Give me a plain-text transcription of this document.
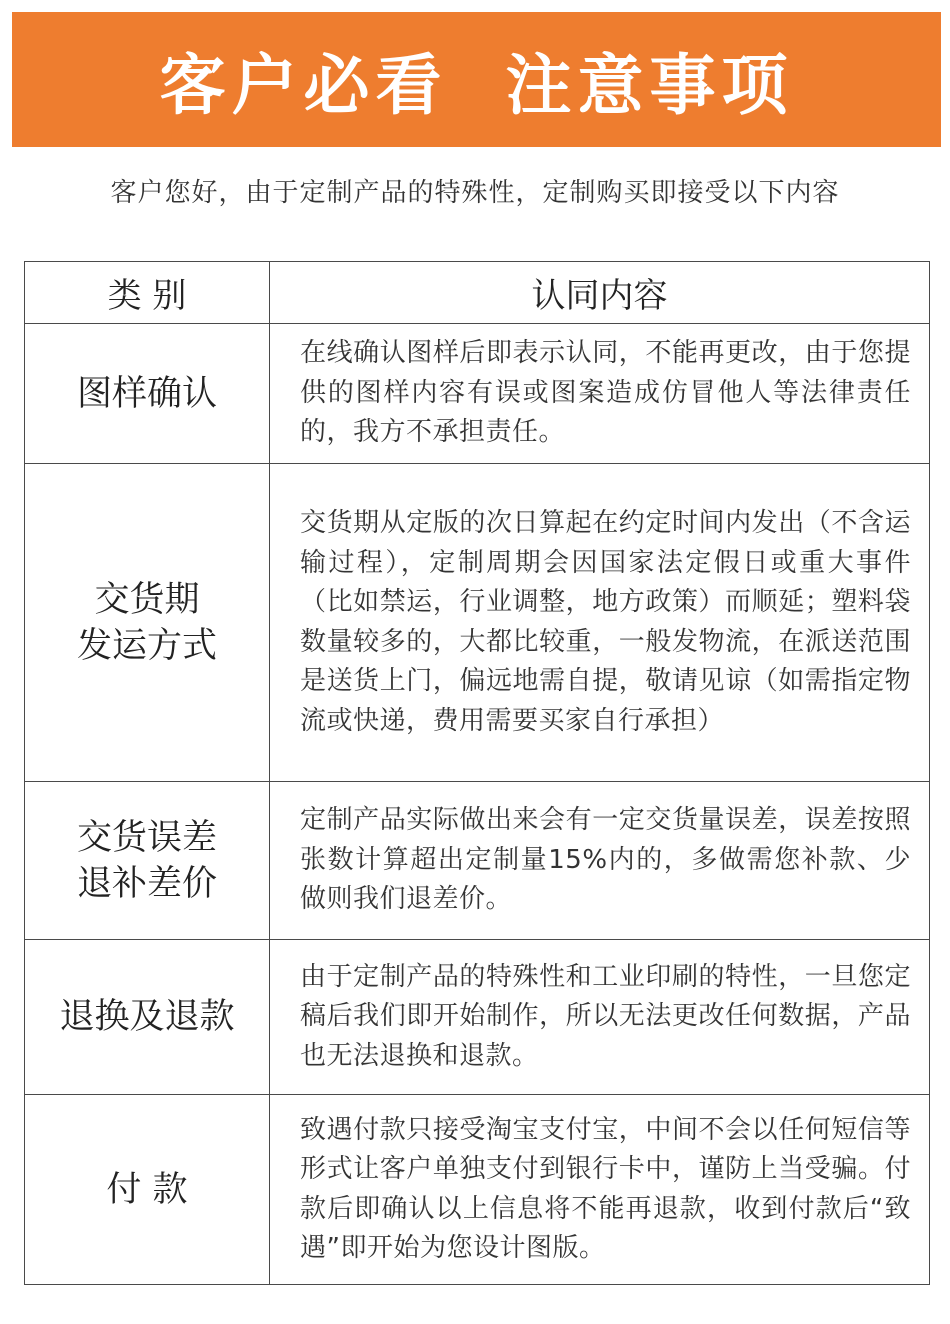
客户必看  注意事项
客户您好，由于定制产品的特殊性，定制购买即接受以下内容
类 别	认同内容

图样确认	在线确认图样后即表示认同，不能再更改，由于您提供的图样内容有误或图案造成仿冒他人等法律责任的，我方不承担责任。

交货期
发运方式	交货期从定版的次日算起在约定时间内发出（不含运输过程），定制周期会因国家法定假日或重大事件（比如禁运，行业调整，地方政策）而顺延；塑料袋数量较多的，大都比较重，一般发物流，在派送范围是送货上门，偏远地需自提，敬请见谅（如需指定物流或快递，费用需要买家自行承担）

交货误差
退补差价	定制产品实际做出来会有一定交货量误差，误差按照张数计算超出定制量15%内的，多做需您补款、少做则我们退差价。

退换及退款	由于定制产品的特殊性和工业印刷的特性，一旦您定稿后我们即开始制作，所以无法更改任何数据，产品也无法退换和退款。

付 款	致遇付款只接受淘宝支付宝，中间不会以任何短信等形式让客户单独支付到银行卡中，谨防上当受骗。付款后即确认以上信息将不能再退款，收到付款后“致遇”即开始为您设计图版。
